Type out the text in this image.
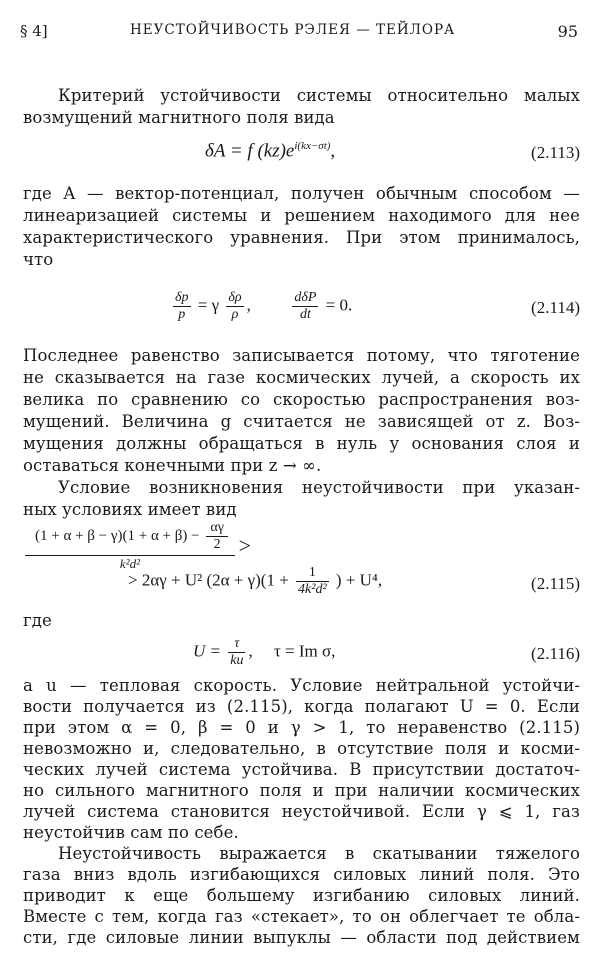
§ 4]	НЕУСТОЙЧИВОСТЬ РЭЛЕЯ — ТЕЙЛОРА	95
Критерий устойчивости системы относительно малых
возмущений магнитного поля вида
δA = f $(kz)e^{i(kx-\sigma t)}$,	(2.113)
где A — вектор-потенциал, получен обычным способом —
линеаризацией системы и решением находимого для нее
характеристического уравнения. При этом принималось,
что
$\frac{\delta p}{p} = \gamma \frac{\delta\rho}{\rho}$ ,	$\frac{\text{dδP}}{dt} = 0$.	(2.114)
Последнее равенство записывается потому, что тяготение
не сказывается на газе космических лучей, а скорость их
велика по сравнению со скоростью распространения воз-
мущений. Величина g считается не зависящей от z. Воз-
мущения должны обращаться в нуль у основания слоя и
оставаться конечными при z → ∞.
Условие возникновения неустойчивости при указан-
ных условиях имеет вид
$\frac{(1 + \alpha + \beta - \gamma)(1 + \alpha + \beta) - \frac{\alpha\gamma}{2}}{\text{k²d²}}$ >
> 2αγ + U² $(2\alpha + \gamma)(1 + \frac{1}{\text{4k²d²}}$ ) + U⁴,	(2.115)
где
$U = \frac{\tau}{ku}$ ,     τ = Im σ,	(2.116)
а u — тепловая скорость. Условие нейтральной устойчи-
вости получается из (2.115), когда полагают U = 0. Если
при этом α = 0, β = 0 и γ > 1, то неравенство (2.115)
невозможно и, следовательно, в отсутствие поля и косми-
ческих лучей система устойчива. В присутствии достаточ-
но сильного магнитного поля и при наличии космических
лучей система становится неустойчивой. Если γ ⩽ 1, газ
неустойчив сам по себе.
Неустойчивость выражается в скатывании тяжелого
газа вниз вдоль изгибающихся силовых линий поля. Это
приводит к еще большему изгибанию силовых линий.
Вместе с тем, когда газ «стекает», то он облегчает те обла-
сти, где силовые линии выпуклы — области под действием
